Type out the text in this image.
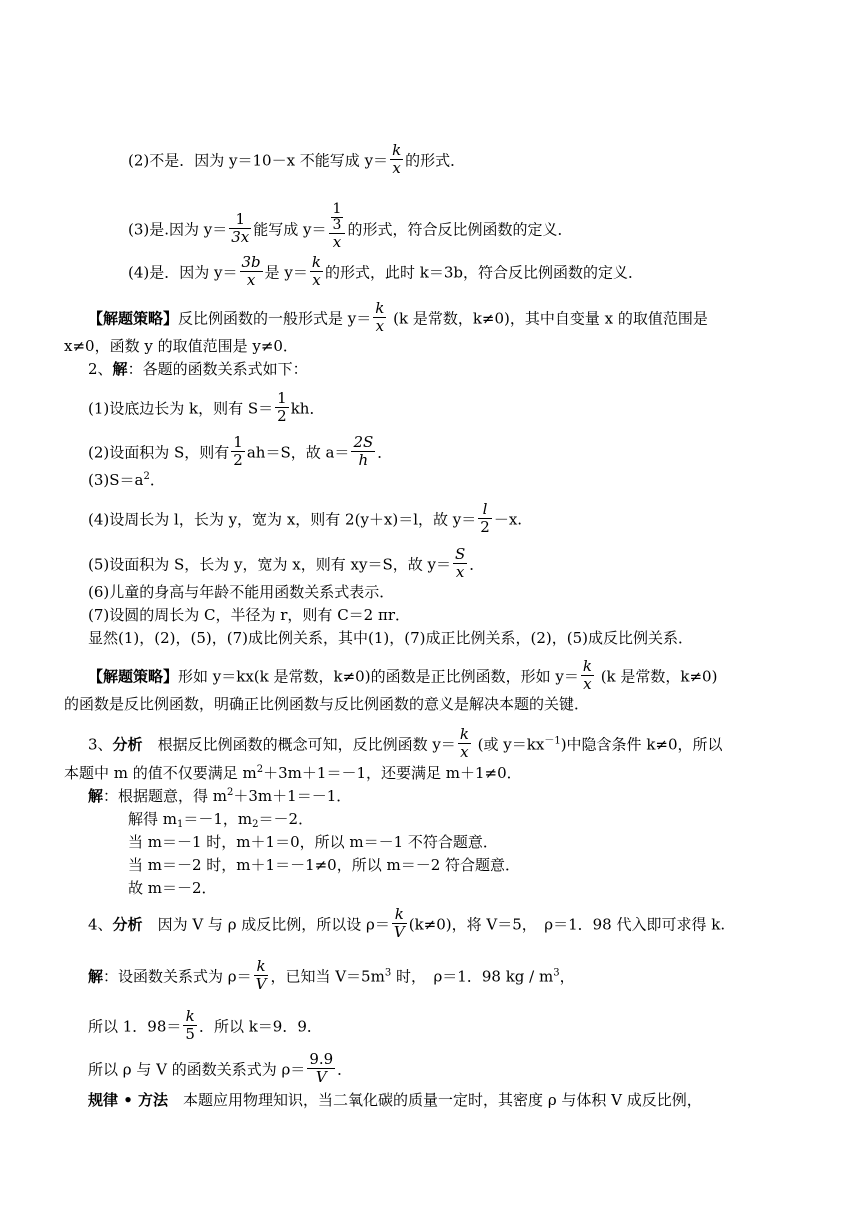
(2)不是．因为 y＝10－x 不能写成 $y= \frac{k}{x}$ 的形式．
(3)是.因为 $y= \frac{1}{3x}$ 能写成 $y= \frac{\frac{1}{3}}{x}$ 的形式，符合反比例函数的定义．
(4)是．因为 $y= \frac{3b}{x}$ 是 $y= \frac{k}{x}$ 的形式，此时 k＝3b，符合反比例函数的定义．
【解题策略】反比例函数的一般形式是 $y= \frac{k}{x} (k$ 是常数，k≠0)，其中自变量 x 的取值范围是
x≠0，函数 y 的取值范围是 y≠0．
2、解：各题的函数关系式如下：
(1)设底边长为 k，则有 $S= \frac{1}{2}$ kh．
(2)设面积为 S，则有 $\frac{1}{2} ah=S$，故 $a= \frac{2S}{h}$ ．
$(3)S=a^2$．
(4)设周长为 l，长为 y，宽为 x，则有 2(y＋x)＝l，故 $y= \frac{l}{2} -x$.
(5)设面积为 S，长为 y，宽为 x，则有 xy＝S，故 $y= \frac{S}{x}$ ．
(6)儿童的身高与年龄不能用函数关系式表示．
(7)设圆的周长为 C，半径为 r，则有 C＝2 πr．
显然(1)，(2)，(5)，(7)成比例关系，其中(1)，(7)成正比例关系，(2)，(5)成反比例关系．
【解题策略】形如 y＝kx(k 是常数，k≠0)的函数是正比例函数，形如 $y= \frac{k}{x} (k$ 是常数，k≠0)
的函数是反比例函数，明确正比例函数与反比例函数的意义是解决本题的关键．
3、分析　根据反比例函数的概念可知，反比例函数 $y= \frac{k}{x}$ (或 $y=kx^{-1}$)中隐含条件 k≠0，所以
本题中 m 的值不仅要满足 $m^2+3m+1=-1$，还要满足 m＋1≠0．
解：根据题意，得 $m^2+3m+1=-1$．
解得 $m_1=-1$，$m_2=-2$．
当 m＝－1 时，m＋1＝0，所以 m＝－1 不符合题意．
当 m＝－2 时，m＋1＝－1≠0，所以 m＝－2 符合题意．
故 m＝－2．
4、分析　因为 V 与 ρ 成反比例，所以设 $\rho= \frac{k}{V} (k\ne 0)$，将 V＝5，　ρ＝1．98 代入即可求得 k.
解：设函数关系式为 $\rho= \frac{k}{V}$ ，已知当 $V=5m^3$ 时，　ρ＝1．98 kg / $m^3$，
所以 1．$98= \frac{k}{5}$ ．所以 k＝9．9．
所以 ρ 与 V 的函数关系式为 $\rho= \frac{9.9}{V}$ ．
规律 • 方法　本题应用物理知识，当二氧化碳的质量一定时，其密度 ρ 与体积 V 成反比例，
